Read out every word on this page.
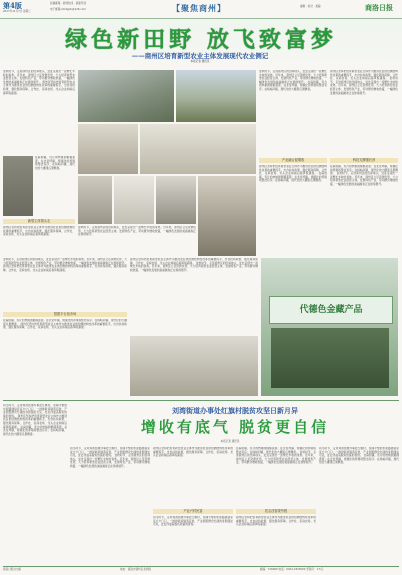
第4版
2017年11月7日 星期二
投稿邮箱 · 新闻热线 · 版面导读
电子邮箱:shlrbjjzk@126.com	【聚焦商州】	编辑 · 校对 · 美编	商洛日报
绿色新田野 放飞致富梦
——商州区培育新型农业主体发展现代农业侧记
本报记者 通讯员
金秋时节，走进商州区的田间地头，处处呈现出一派繁忙丰收的景象。近年来，商州区立足资源优势，大力培育新型农业经营主体，发展特色产业，带动群众增收致富，一幅绿色发展的美丽画卷正在徐徐展开。 商州区坚持把培育新型农业主体作为推进农业供给侧结构性改革的重要抓手，出台扶持政策，强化服务保障，合作社、家庭农场、龙头企业如雨后春笋般涌现。
在麻街镇，连片的核桃园郁郁葱葱；在北宽坪镇，规模化的养殖场整洁有序；在杨峪河镇，现代化的大棚里瓜果飘香。
新型主体领头走
商州区坚持把培育新型农业主体作为推进农业供给侧结构性改革的重要抓手，出台扶持政策，强化服务保障，合作社、家庭农场、龙头企业如雨后春笋般涌现。
金秋时节，走进商州区的田间地头，处处呈现出一派繁忙丰收的景象。近年来，商州区立足资源优势，大力培育新型农业经营主体，发展特色产业，带动群众增收致富，一幅绿色发展的美丽画卷正在徐徐展开。
金秋时节，走进商州区的田间地头，处处呈现出一派繁忙丰收的景象。近年来，商州区立足资源优势，大力培育新型农业经营主体，发展特色产业，带动群众增收致富，一幅绿色发展的美丽画卷正在徐徐展开。 在麻街镇，连片的核桃园郁郁葱葱；在北宽坪镇，规模化的养殖场整洁有序；在杨峪河镇，现代化的大棚里瓜果飘香。
产业融合促增收
商州区坚持把培育新型农业主体作为推进农业供给侧结构性改革的重要抓手，出台扶持政策，强化服务保障，合作社、家庭农场、龙头企业如雨后春笋般涌现。 在麻街镇，连片的核桃园郁郁葱葱；在北宽坪镇，规模化的养殖场整洁有序；在杨峪河镇，现代化的大棚里瓜果飘香。
商州区坚持把培育新型农业主体作为推进农业供给侧结构性改革的重要抓手，出台扶持政策，强化服务保障，合作社、家庭农场、龙头企业如雨后春笋般涌现。 金秋时节，走进商州区的田间地头，处处呈现出一派繁忙丰收的景象。近年来，商州区立足资源优势，大力培育新型农业经营主体，发展特色产业，带动群众增收致富，一幅绿色发展的美丽画卷正在徐徐展开。
科技支撑强后劲
在麻街镇，连片的核桃园郁郁葱葱；在北宽坪镇，规模化的养殖场整洁有序；在杨峪河镇，现代化的大棚里瓜果飘香。 金秋时节，走进商州区的田间地头，处处呈现出一派繁忙丰收的景象。近年来，商州区立足资源优势，大力培育新型农业经营主体，发展特色产业，带动群众增收致富，一幅绿色发展的美丽画卷正在徐徐展开。
金秋时节，走进商州区的田间地头，处处呈现出一派繁忙丰收的景象。近年来，商州区立足资源优势，大力培育新型农业经营主体，发展特色产业，带动群众增收致富，一幅绿色发展的美丽画卷正在徐徐展开。 商州区坚持把培育新型农业主体作为推进农业供给侧结构性改革的重要抓手，出台扶持政策，强化服务保障，合作社、家庭农场、龙头企业如雨后春笋般涌现。
搭建平台拓市场
在麻街镇，连片的核桃园郁郁葱葱；在北宽坪镇，规模化的养殖场整洁有序；在杨峪河镇，现代化的大棚里瓜果飘香。 商州区坚持把培育新型农业主体作为推进农业供给侧结构性改革的重要抓手，出台扶持政策，强化服务保障，合作社、家庭农场、龙头企业如雨后春笋般涌现。
商州区坚持把培育新型农业主体作为推进农业供给侧结构性改革的重要抓手，出台扶持政策，强化服务保障，合作社、家庭农场、龙头企业如雨后春笋般涌现。 金秋时节，走进商州区的田间地头，处处呈现出一派繁忙丰收的景象。近年来，商州区立足资源优势，大力培育新型农业经营主体，发展特色产业，带动群众增收致富，一幅绿色发展的美丽画卷正在徐徐展开。
代德色金藏产品
初冬时节，走进刘湾街道办事处红旗村，宽阔平整的水泥路通到家家户户门口，一排排新房错落有致，产业园里群众忙碌的身影随处可见，处处洋溢着脱贫致富的喜悦。 商州区坚持把培育新型农业主体作为推进农业供给侧结构性改革的重要抓手，出台扶持政策，强化服务保障，合作社、家庭农场、龙头企业如雨后春笋般涌现。 在麻街镇，连片的核桃园郁郁葱葱；在北宽坪镇，规模化的养殖场整洁有序；在杨峪河镇，现代化的大棚里瓜果飘香。
刘湾街道办事处红旗村脱贫攻坚日新月异
增收有底气 脱贫更自信
本报记者 通讯员
初冬时节，走进刘湾街道办事处红旗村，宽阔平整的水泥路通到家家户户门口，一排排新房错落有致，产业园里群众忙碌的身影随处可见，处处洋溢着脱贫致富的喜悦。 金秋时节，走进商州区的田间地头，处处呈现出一派繁忙丰收的景象。近年来，商州区立足资源优势，大力培育新型农业经营主体，发展特色产业，带动群众增收致富，一幅绿色发展的美丽画卷正在徐徐展开。
商州区坚持把培育新型农业主体作为推进农业供给侧结构性改革的重要抓手，出台扶持政策，强化服务保障，合作社、家庭农场、龙头企业如雨后春笋般涌现。
产业兴村民富
初冬时节，走进刘湾街道办事处红旗村，宽阔平整的水泥路通到家家户户门口，一排排新房错落有致，产业园里群众忙碌的身影随处可见，处处洋溢着脱贫致富的喜悦。
在麻街镇，连片的核桃园郁郁葱葱；在北宽坪镇，规模化的养殖场整洁有序；在杨峪河镇，现代化的大棚里瓜果飘香。 金秋时节，走进商州区的田间地头，处处呈现出一派繁忙丰收的景象。近年来，商州区立足资源优势，大力培育新型农业经营主体，发展特色产业，带动群众增收致富，一幅绿色发展的美丽画卷正在徐徐展开。
扶志扶智拔穷根
商州区坚持把培育新型农业主体作为推进农业供给侧结构性改革的重要抓手，出台扶持政策，强化服务保障，合作社、家庭农场、龙头企业如雨后春笋般涌现。
初冬时节，走进刘湾街道办事处红旗村，宽阔平整的水泥路通到家家户户门口，一排排新房错落有致，产业园里群众忙碌的身影随处可见，处处洋溢着脱贫致富的喜悦。 在麻街镇，连片的核桃园郁郁葱葱；在北宽坪镇，规模化的养殖场整洁有序；在杨峪河镇，现代化的大棚里瓜果飘香。
商洛日报社出版	地址：商洛市商州区北新街	邮编：726000 电话：0914-2323000 零售价：1.5元
